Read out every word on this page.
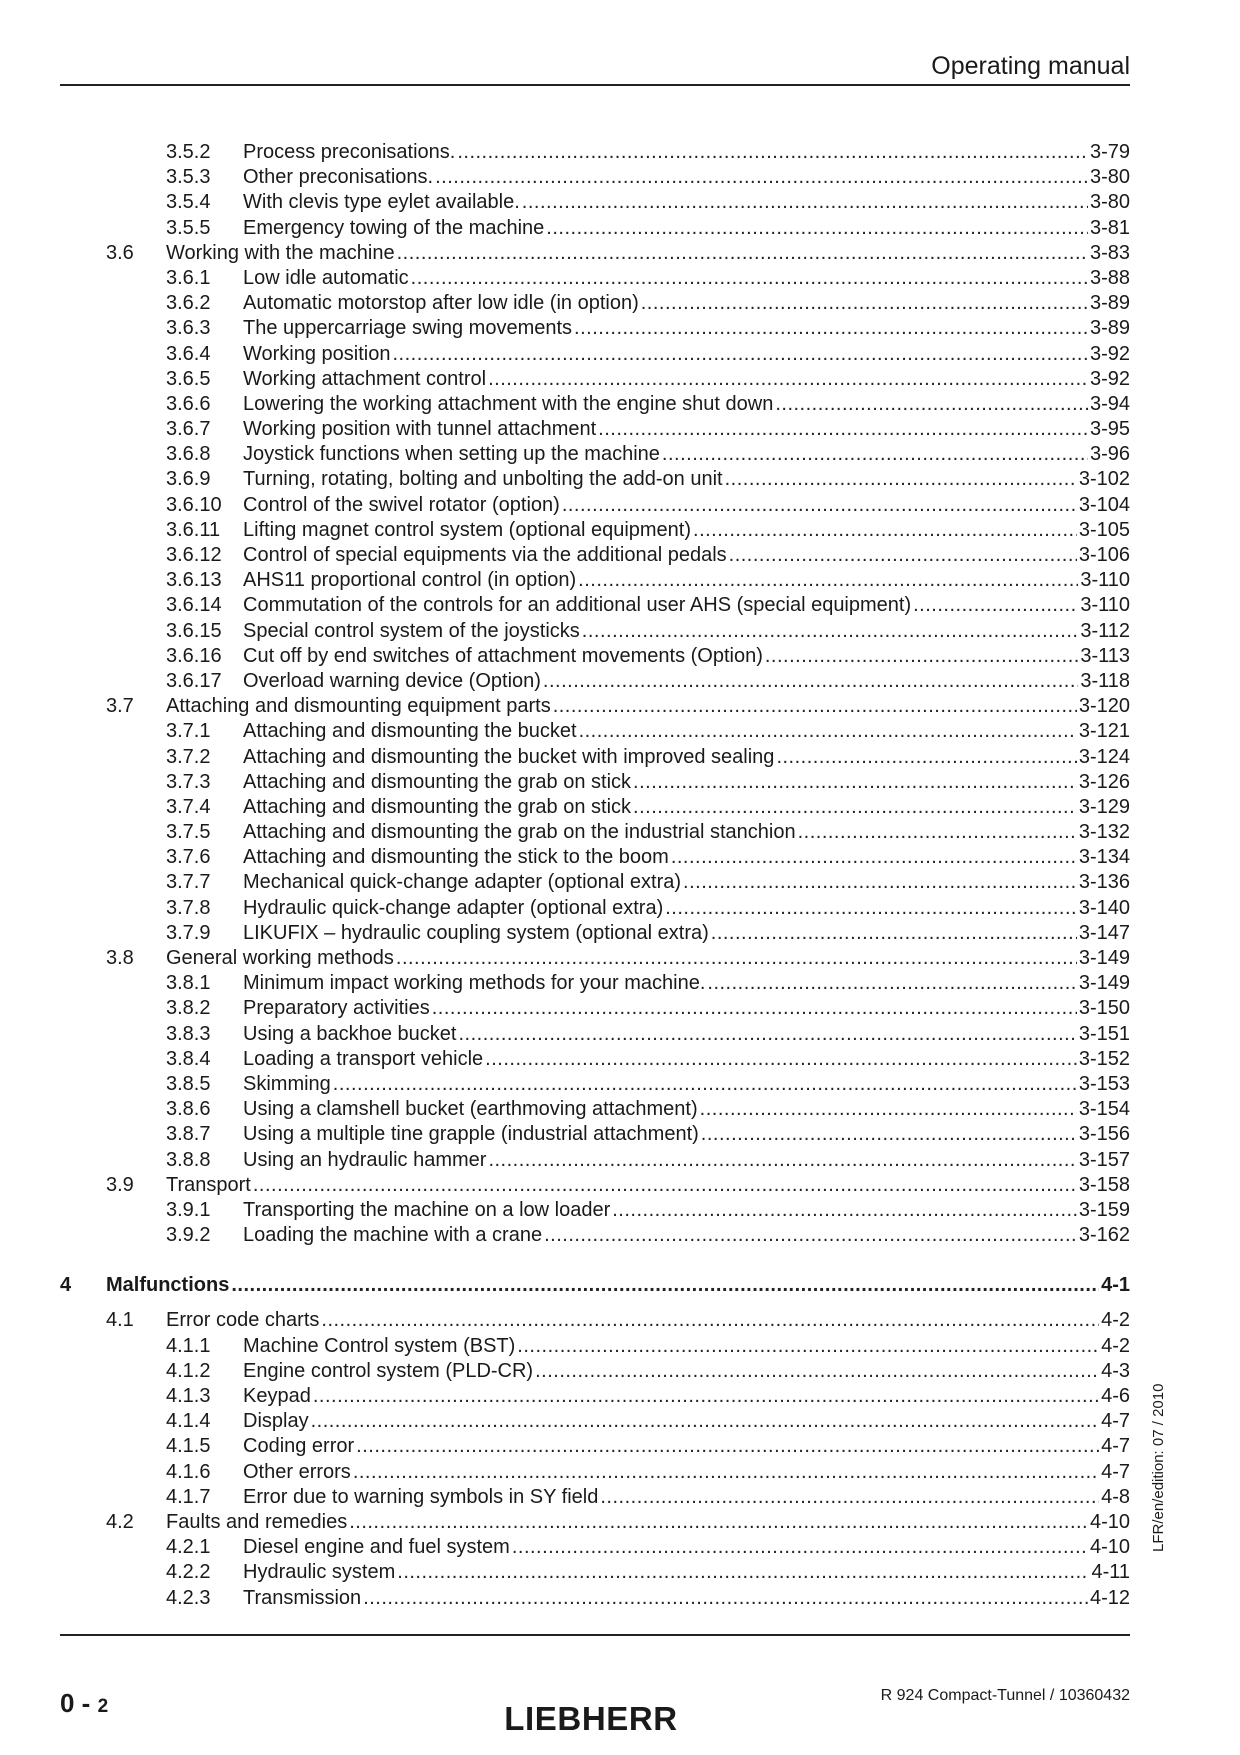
Operating manual
3.5.2	Process preconisations. .....	3-79
3.5.3	Other preconisations. .....	3-80
3.5.4	With clevis type eylet available. .....	3-80
3.5.5	Emergency towing of the machine .....	3-81
3.6	Working with the machine .....	3-83
3.6.1	Low idle automatic .....	3-88
3.6.2	Automatic motorstop after low idle (in option) .....	3-89
3.6.3	The uppercarriage swing movements .....	3-89
3.6.4	Working position .....	3-92
3.6.5	Working attachment control .....	3-92
3.6.6	Lowering the working attachment with the engine shut down .....	3-94
3.6.7	Working position with tunnel attachment .....	3-95
3.6.8	Joystick functions when setting up the machine .....	3-96
3.6.9	Turning, rotating, bolting and unbolting the add-on unit .....	3-102
3.6.10	Control of the swivel rotator (option) .....	3-104
3.6.11	Lifting magnet control system (optional equipment) .....	3-105
3.6.12	Control of special equipments via the additional pedals .....	3-106
3.6.13	AHS11 proportional control (in option) .....	3-110
3.6.14	Commutation of the controls for an additional user AHS (special equipment) .....	3-110
3.6.15	Special control system of the joysticks .....	3-112
3.6.16	Cut off by end switches of attachment movements (Option) .....	3-113
3.6.17	Overload warning device (Option) .....	3-118
3.7	Attaching and dismounting equipment parts .....	3-120
3.7.1	Attaching and dismounting the bucket .....	3-121
3.7.2	Attaching and dismounting the bucket with improved sealing .....	3-124
3.7.3	Attaching and dismounting the grab on stick .....	3-126
3.7.4	Attaching and dismounting the grab on stick .....	3-129
3.7.5	Attaching and dismounting the grab on the industrial stanchion .....	3-132
3.7.6	Attaching and dismounting the stick to the boom .....	3-134
3.7.7	Mechanical quick-change adapter (optional extra) .....	3-136
3.7.8	Hydraulic quick-change adapter (optional extra) .....	3-140
3.7.9	LIKUFIX – hydraulic coupling system (optional extra) .....	3-147
3.8	General working methods .....	3-149
3.8.1	Minimum impact working methods for your machine. .....	3-149
3.8.2	Preparatory activities .....	3-150
3.8.3	Using a backhoe bucket .....	3-151
3.8.4	Loading a transport vehicle .....	3-152
3.8.5	Skimming .....	3-153
3.8.6	Using a clamshell bucket (earthmoving attachment) .....	3-154
3.8.7	Using a multiple tine grapple (industrial attachment) .....	3-156
3.8.8	Using an hydraulic hammer .....	3-157
3.9	Transport .....	3-158
3.9.1	Transporting the machine on a low loader .....	3-159
3.9.2	Loading the machine with a crane .....	3-162
4	Malfunctions .....	4-1
4.1	Error code charts .....	4-2
4.1.1	Machine Control system (BST) .....	4-2
4.1.2	Engine control system (PLD-CR) .....	4-3
4.1.3	Keypad .....	4-6
4.1.4	Display .....	4-7
4.1.5	Coding error .....	4-7
4.1.6	Other errors .....	4-7
4.1.7	Error due to warning symbols in SY field .....	4-8
4.2	Faults and remedies .....	4-10
4.2.1	Diesel engine and fuel system .....	4-10
4.2.2	Hydraulic system .....	4-11
4.2.3	Transmission .....	4-12
LFR/en/edition: 07 / 2010
0 - 2	LIEBHERR
R 924 Compact-Tunnel / 10360432
